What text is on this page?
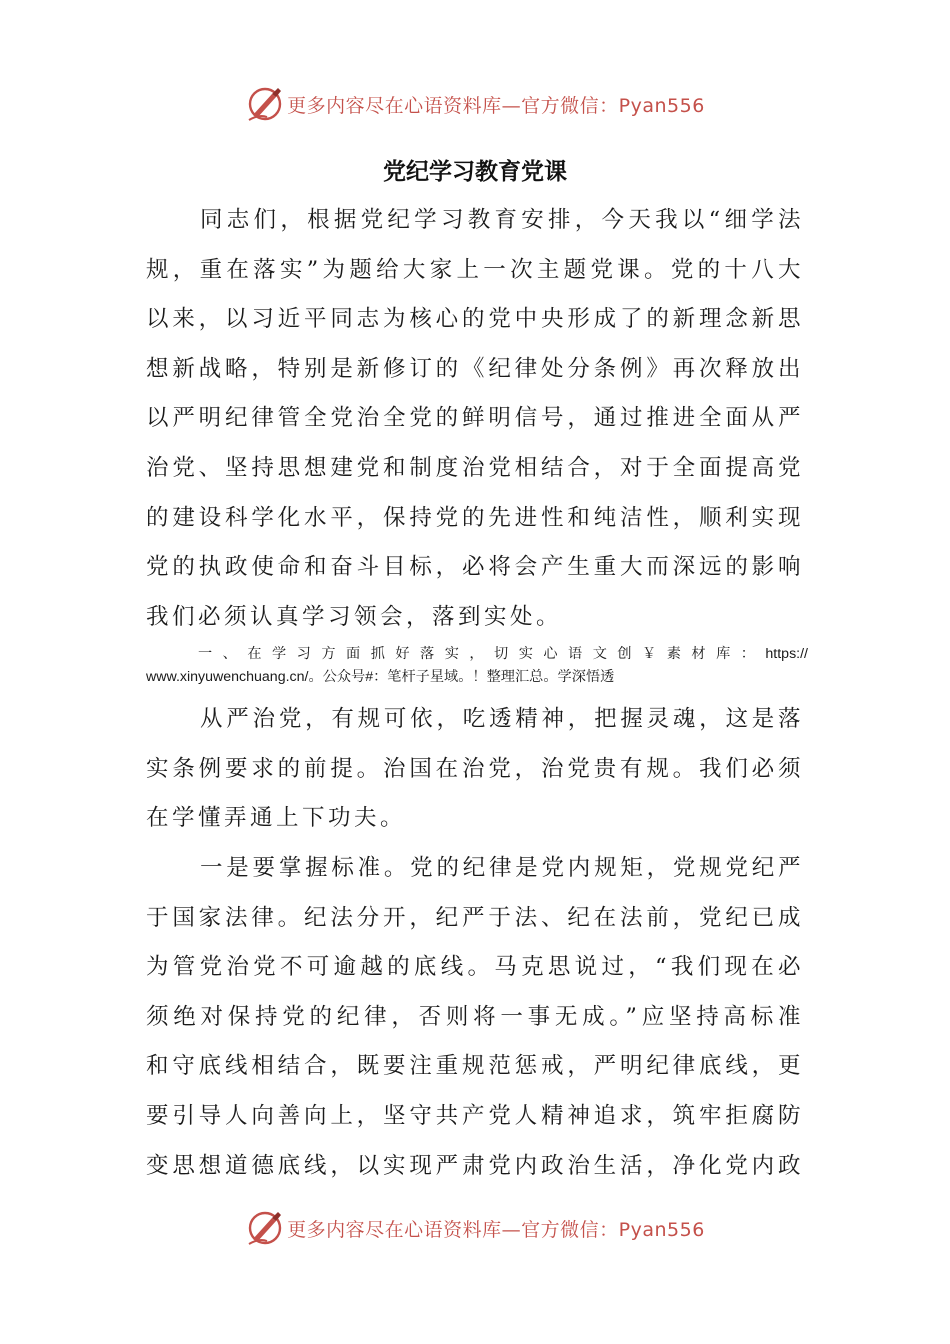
更多内容尽在心语资料库—官方微信：Pyan556
党纪学习教育党课
同志们，根据党纪学习教育安排，今天我以“细学法
规，重在落实”为题给大家上一次主题党课。党的十八大
以来，以习近平同志为核心的党中央形成了的新理念新思
想新战略，特别是新修订的《纪律处分条例》再次释放出
以严明纪律管全党治全党的鲜明信号，通过推进全面从严
治党、坚持思想建党和制度治党相结合，对于全面提高党
的建设科学化水平，保持党的先进性和纯洁性，顺利实现
党的执政使命和奋斗目标，必将会产生重大而深远的影响
我们必须认真学习领会，落到实处。
一、在学习方面抓好落实，切实心语文创￥素材库：https://
www.xinyuwenchuang.cn/。公众号#：笔杆子星域。！整理汇总。学深悟透
从严治党，有规可依，吃透精神，把握灵魂，这是落
实条例要求的前提。治国在治党，治党贵有规。我们必须
在学懂弄通上下功夫。
一是要掌握标准。党的纪律是党内规矩，党规党纪严
于国家法律。纪法分开，纪严于法、纪在法前，党纪已成
为管党治党不可逾越的底线。马克思说过，“我们现在必
须绝对保持党的纪律，否则将一事无成。”应坚持高标准
和守底线相结合，既要注重规范惩戒，严明纪律底线，更
要引导人向善向上，坚守共产党人精神追求，筑牢拒腐防
变思想道德底线，以实现严肃党内政治生活，净化党内政
更多内容尽在心语资料库—官方微信：Pyan556
